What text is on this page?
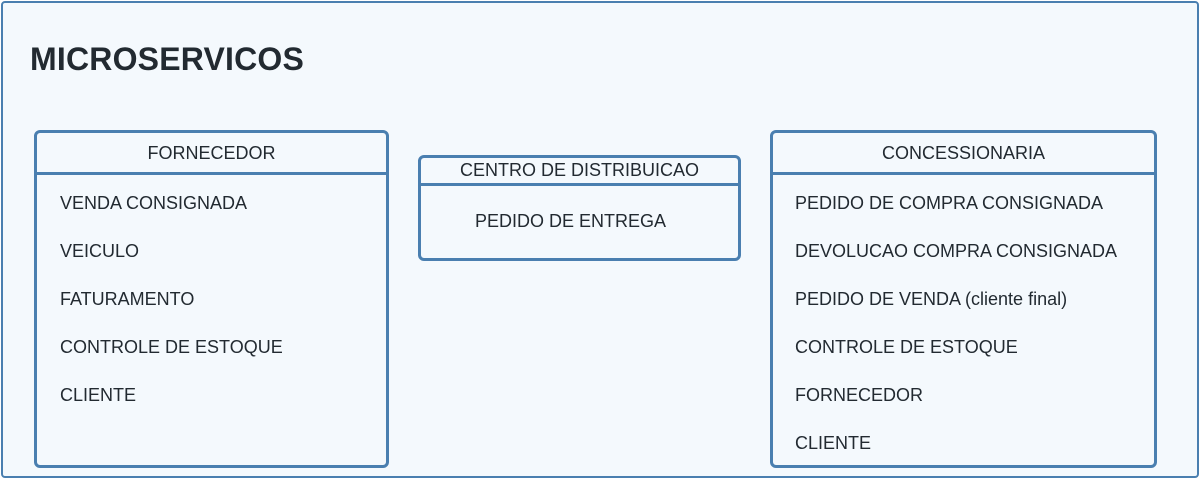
MICROSERVICOS
FORNECEDOR
VENDA CONSIGNADA
VEICULO
FATURAMENTO
CONTROLE DE ESTOQUE
CLIENTE
CENTRO DE DISTRIBUICAO
PEDIDO DE ENTREGA
CONCESSIONARIA
PEDIDO DE COMPRA CONSIGNADA
DEVOLUCAO COMPRA CONSIGNADA
PEDIDO DE VENDA (cliente final)
CONTROLE DE ESTOQUE
FORNECEDOR
CLIENTE
